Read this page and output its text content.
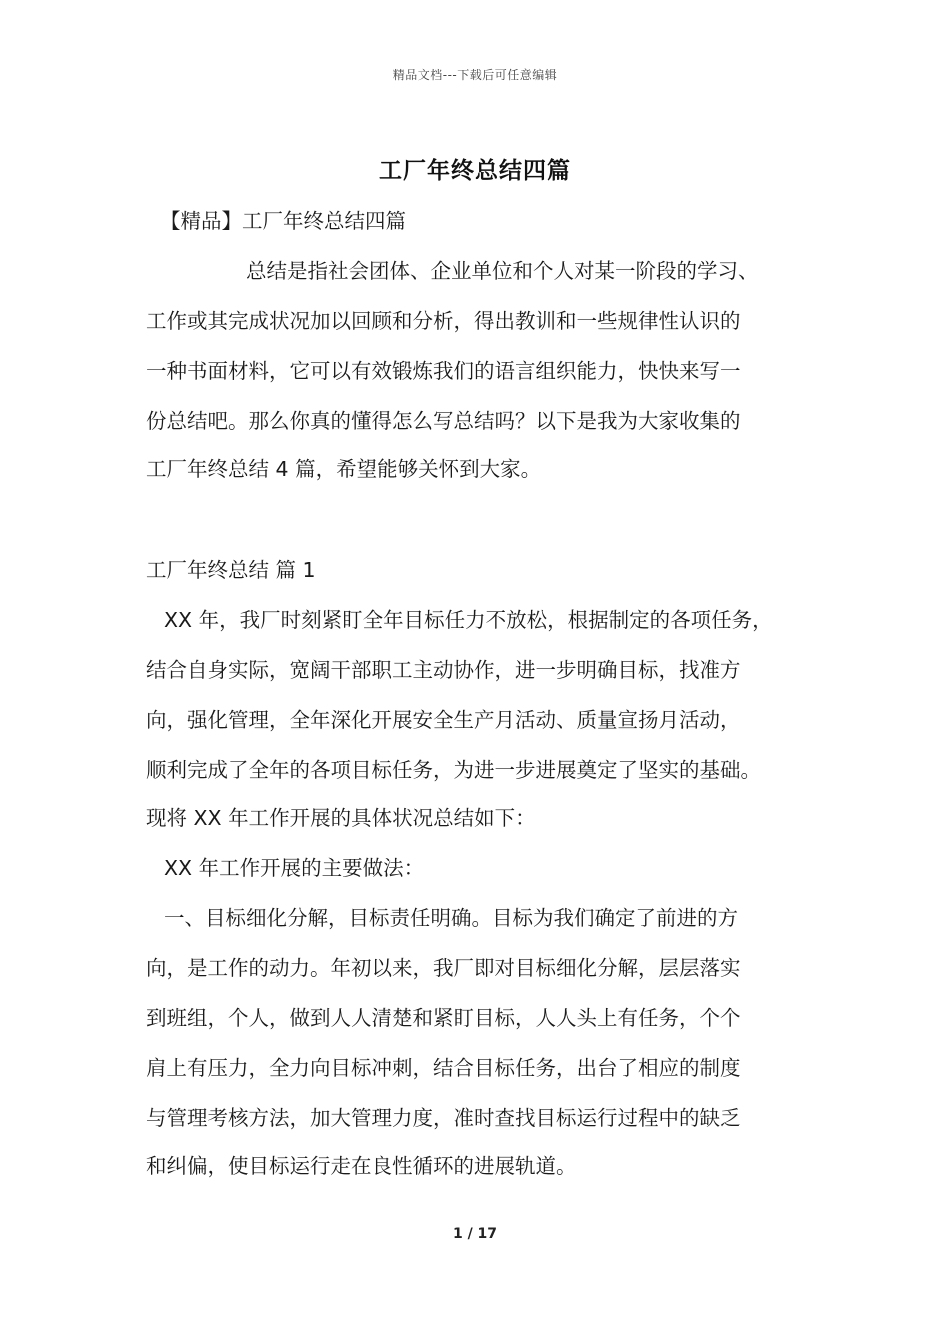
精品文档---下载后可任意编辑
工厂年终总结四篇
【精品】工厂年终总结四篇
总结是指社会团体、企业单位和个人对某一阶段的学习、
工作或其完成状况加以回顾和分析，得出教训和一些规律性认识的
一种书面材料，它可以有效锻炼我们的语言组织能力，快快来写一
份总结吧。那么你真的懂得怎么写总结吗？以下是我为大家收集的
工厂年终总结 4 篇，希望能够关怀到大家。
工厂年终总结 篇 1
XX 年，我厂时刻紧盯全年目标任力不放松，根据制定的各项任务，
结合自身实际，宽阔干部职工主动协作，进一步明确目标，找准方
向，强化管理，全年深化开展安全生产月活动、质量宣扬月活动，
顺利完成了全年的各项目标任务，为进一步进展奠定了坚实的基础。
现将 XX 年工作开展的具体状况总结如下：
XX 年工作开展的主要做法：
一、目标细化分解，目标责任明确。目标为我们确定了前进的方
向，是工作的动力。年初以来，我厂即对目标细化分解，层层落实
到班组，个人，做到人人清楚和紧盯目标，人人头上有任务，个个
肩上有压力，全力向目标冲刺，结合目标任务，出台了相应的制度
与管理考核方法，加大管理力度，准时查找目标运行过程中的缺乏
和纠偏，使目标运行走在良性循环的进展轨道。
1 / 17
